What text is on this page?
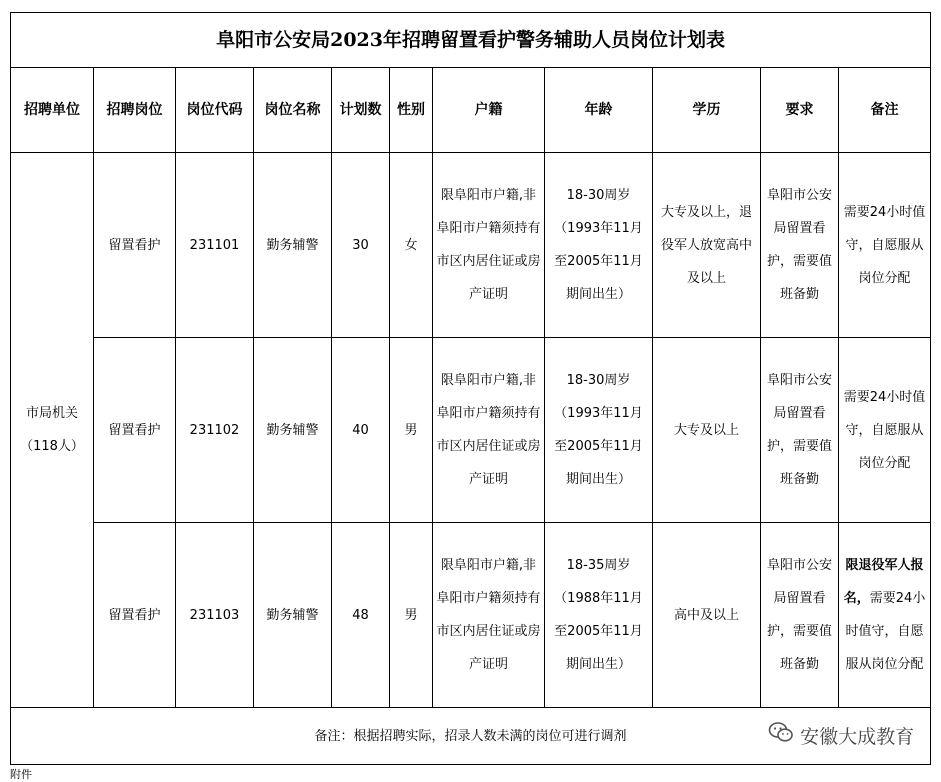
阜阳市公安局2023年招聘留置看护警务辅助人员岗位计划表										
招聘单位	招聘岗位	岗位代码	岗位名称	计划数	性别	户籍	年龄	学历	要求	备注
市局机关（118人）	留置看护	231101	勤务辅警	30	女	限阜阳市户籍,非阜阳市户籍须持有市区内居住证或房产证明	18-30周岁（1993年11月至2005年11月期间出生）	大专及以上，退役军人放宽高中及以上	阜阳市公安局留置看护，需要值班备勤	需要24小时值守，自愿服从岗位分配
	留置看护	231102	勤务辅警	40	男	限阜阳市户籍,非阜阳市户籍须持有市区内居住证或房产证明	18-30周岁（1993年11月至2005年11月期间出生）	大专及以上	阜阳市公安局留置看护，需要值班备勤	需要24小时值守，自愿服从岗位分配
	留置看护	231103	勤务辅警	48	男	限阜阳市户籍,非阜阳市户籍须持有市区内居住证或房产证明	18-35周岁（1988年11月至2005年11月期间出生）	高中及以上	阜阳市公安局留置看护，需要值班备勤	限退役军人报名，需要24小时值守，自愿服从岗位分配
备注：根据招聘实际，招录人数未满的岗位可进行调剂 安徽大成教育										
附件
